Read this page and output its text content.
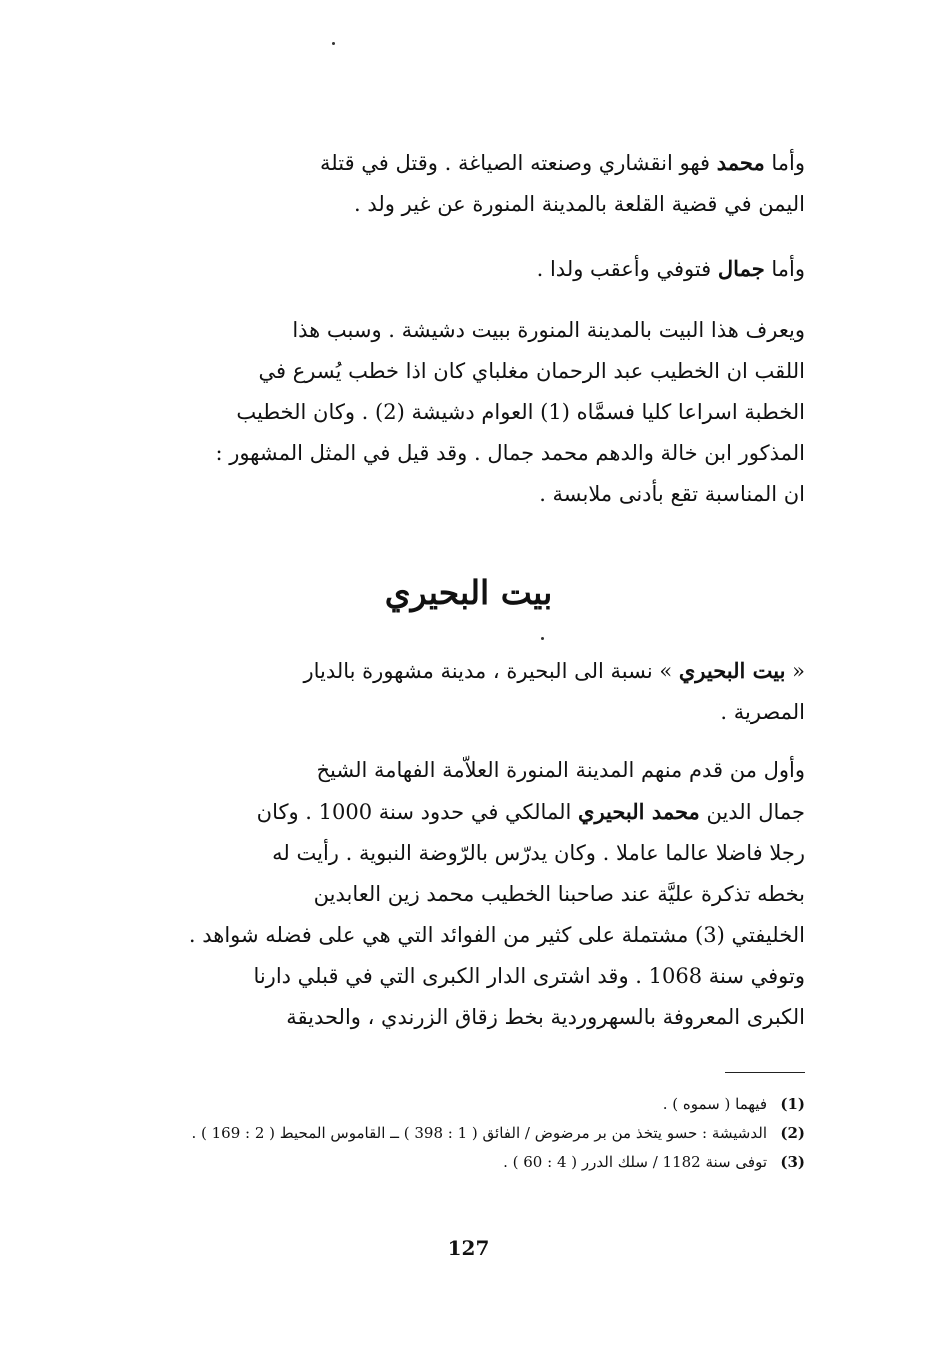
وأما محمد فهو انقشاري وصنعته الصياغة . وقتل في قتلة
اليمن في قضية القلعة بالمدينة المنورة عن غير ولد .
وأما جمال فتوفي وأعقب ولدا .
ويعرف هذا البيت بالمدينة المنورة ببيت دشيشة . وسبب هذا
اللقب ان الخطيب عبد الرحمان مغلباي كان اذا خطب يُسرع في
الخطبة اسراعا كليا فسمَّاه (1) العوام دشيشة (2) . وكان الخطيب
المذكور ابن خالة والدهم محمد جمال . وقد قيل في المثل المشهور :
ان المناسبة تقع بأدنى ملابسة .
بيت البحيري
« بيت البحيري » نسبة الى البحيرة ، مدينة مشهورة بالديار
المصرية .
وأول من قدم منهم المدينة المنورة العلاّمة الفهامة الشيخ
جمال الدين محمد البحيري المالكي في حدود سنة 1000 . وكان
رجلا فاضلا عالما عاملا . وكان يدرّس بالرّوضة النبوية . رأيت له
بخطه تذكرة عليَّة عند صاحبنا الخطيب محمد زين العابدين
الخليفتي (3) مشتملة على كثير من الفوائد التي هي على فضله شواهد .
وتوفي سنة 1068 . وقد اشترى الدار الكبرى التي في قبلي دارنا
الكبرى المعروفة بالسهروردية بخط زقاق الزرندي ، والحديقة
(1)
فيهما ( سموه ) .
(2)
الدشيشة : حسو يتخذ من بر مرضوض / الفائق ( 1 : 398 ) ــ القاموس المحيط ( 2 : 169 ) .
(3)
توفى سنة 1182 / سلك الدرر ( 4 : 60 ) .
127
